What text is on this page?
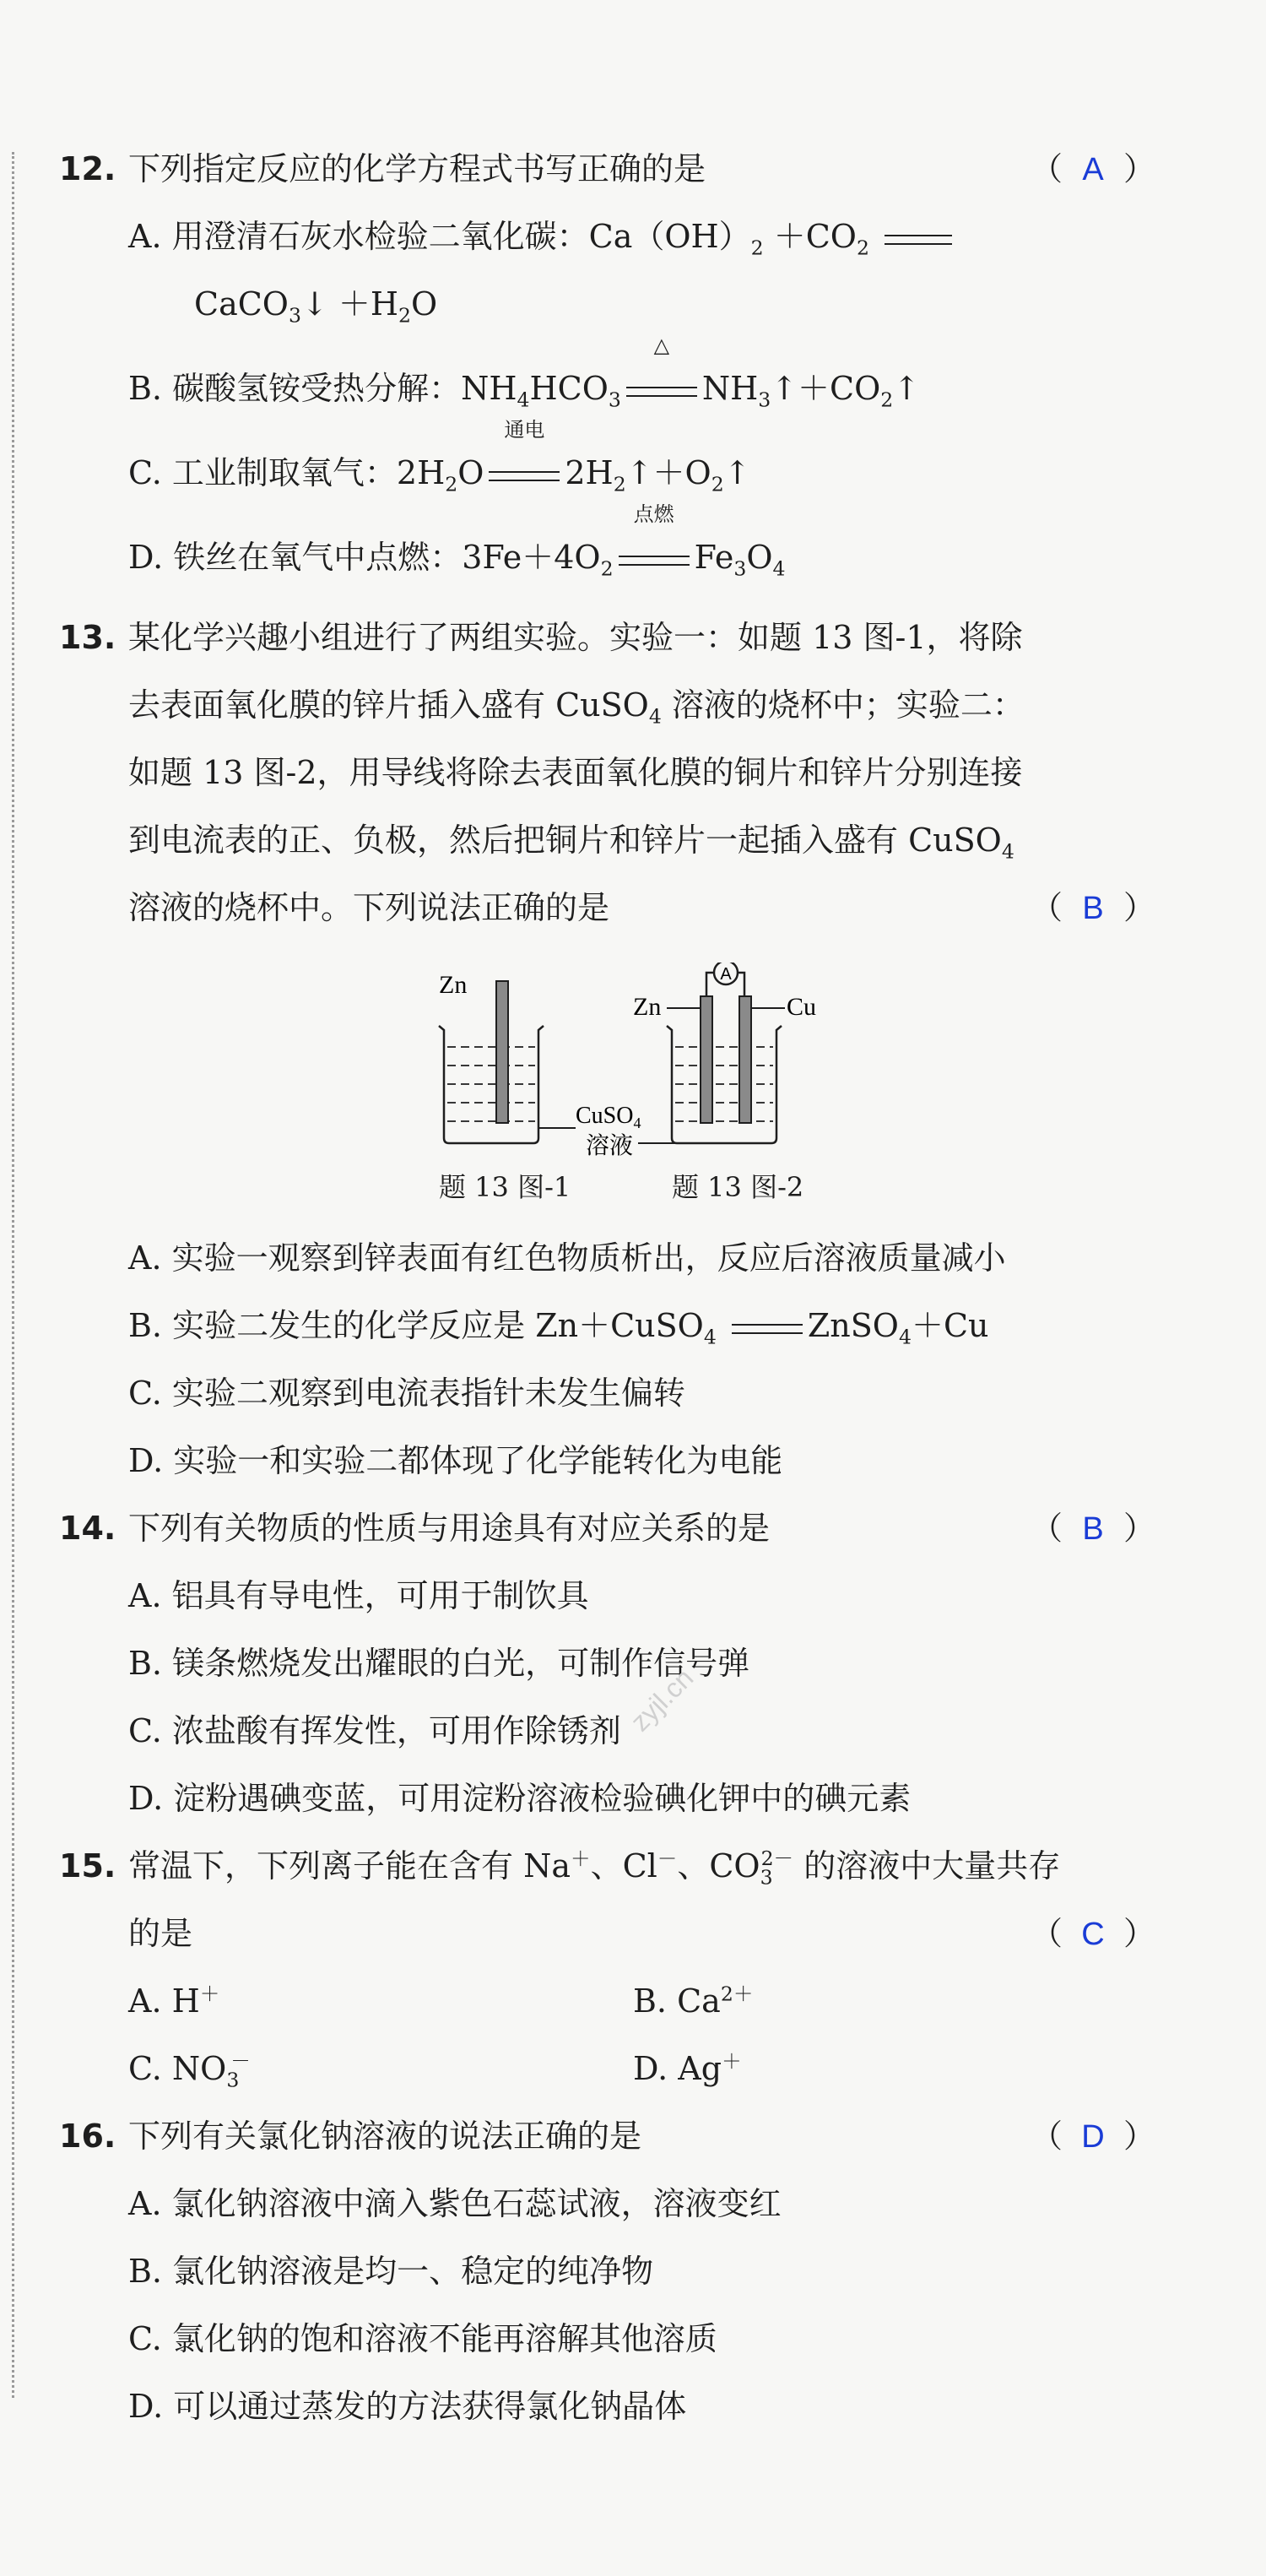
12. 下列指定反应的化学方程式书写正确的是	（ A ）
A. 用澄清石灰水检验二氧化碳：$Ca(OH)_2 +CO_2$
CaCO$_3$↓ $+H_2O$
B. 碳酸氢铵受热分解：$NH_4HCO_3$
△
$NH_3↑+CO_2↑$
C. 工业制取氧气：$2H_2O$
通电
$2H_2↑+O_2↑$
D. 铁丝在氧气中点燃：$3Fe+4O_2$
点燃
$Fe_3O_4$
13. 某化学兴趣小组进行了两组实验。实验一：如题 13 图-1，将除
去表面氧化膜的锌片插入盛有 CuSO$_4$ 溶液的烧杯中；实验二：
如题 13 图-2，用导线将除去表面氧化膜的铜片和锌片分别连接
到电流表的正、负极，然后把铜片和锌片一起插入盛有 CuSO$_4$
溶液的烧杯中。下列说法正确的是	（ B ）
A
Zn
Zn	Cu
CuSO$_4$
溶液
题 13 图-1	题 13 图-2
A. 实验一观察到锌表面有红色物质析出，反应后溶液质量减小
B. 实验二发生的化学反应是 Zn＋CuSO$_4$	ZnSO$_4$＋Cu
C. 实验二观察到电流表指针未发生偏转
D. 实验一和实验二都体现了化学能转化为电能
14. 下列有关物质的性质与用途具有对应关系的是	（ B ）
A. 铝具有导电性，可用于制饮具
B. 镁条燃烧发出耀眼的白光，可制作信号弹
C. 浓盐酸有挥发性，可用作除锈剂
D. 淀粉遇碘变蓝，可用淀粉溶液检验碘化钾中的碘元素
zyjl.cn
15. 常温下，下列离子能在含有 Na＋、Cl－、$CO_3^{2-}$ 的溶液中大量共存
的是	（ C ）
A. H＋	B. $Ca^{2+}$
C. $NO_3^-$	D. Ag＋
16. 下列有关氯化钠溶液的说法正确的是	（ D ）
A. 氯化钠溶液中滴入紫色石蕊试液，溶液变红
B. 氯化钠溶液是均一、稳定的纯净物
C. 氯化钠的饱和溶液不能再溶解其他溶质
D. 可以通过蒸发的方法获得氯化钠晶体
